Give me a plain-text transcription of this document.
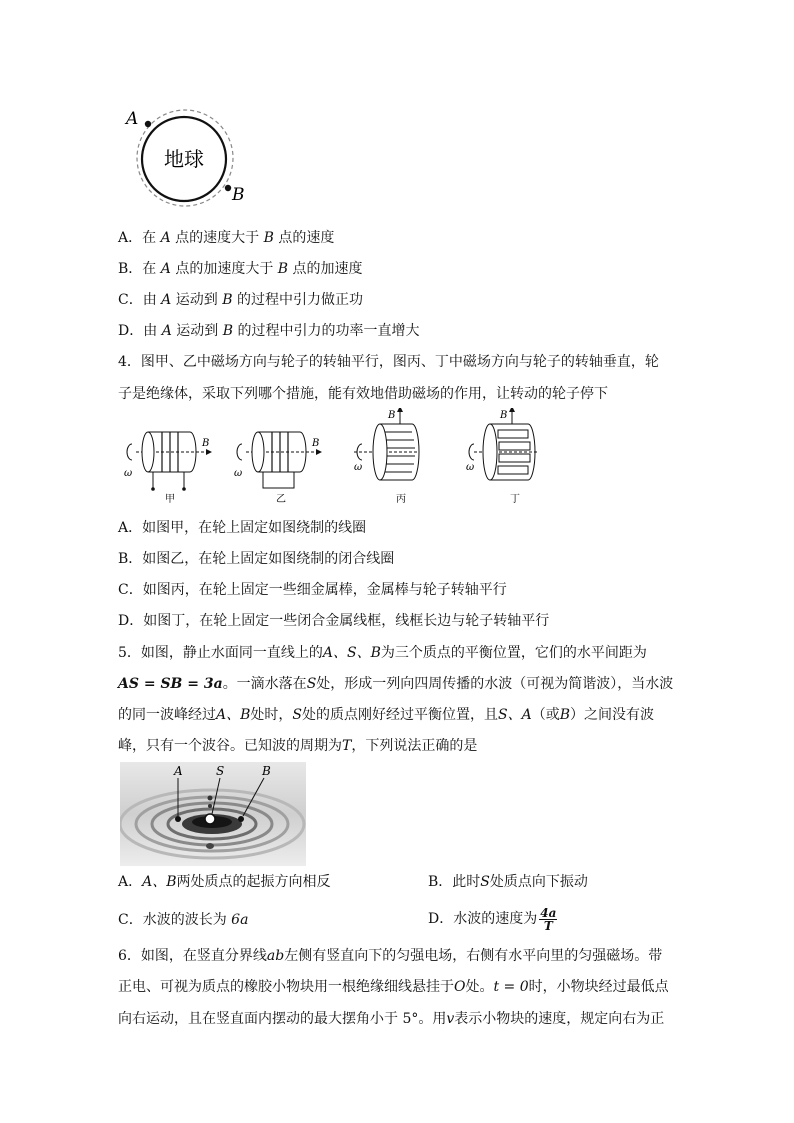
A
B
地球
A．在 A 点的速度大于 B 点的速度
B．在 A 点的加速度大于 B 点的加速度
C．由 A 运动到 B 的过程中引力做正功
D．由 A 运动到 B 的过程中引力的功率一直增大
4．图甲、乙中磁场方向与轮子的转轴平行，图丙、丁中磁场方向与轮子的转轴垂直，轮
子是绝缘体，采取下列哪个措施，能有效地借助磁场的作用，让转动的轮子停下
ω
B
甲
ω
B
乙
ω
B
丙
ω
B
丁
A．如图甲，在轮上固定如图绕制的线圈
B．如图乙，在轮上固定如图绕制的闭合线圈
C．如图丙，在轮上固定一些细金属棒，金属棒与轮子转轴平行
D．如图丁，在轮上固定一些闭合金属线框，线框长边与轮子转轴平行
5．如图，静止水面同一直线上的A、S、B为三个质点的平衡位置，它们的水平间距为
AS = SB = 3a。一滴水落在S处，形成一列向四周传播的水波（可视为简谐波），当水波
的同一波峰经过A、B处时，S处的质点刚好经过平衡位置，且S、A（或B）之间没有波
峰，只有一个波谷。已知波的周期为T，下列说法正确的是
A	S	B
A．A、B两处质点的起振方向相反	B．此时S处质点向下振动
C．水波的波长为 6a	D．水波的速度为 $\frac{4a}{T}$
6．如图，在竖直分界线ab左侧有竖直向下的匀强电场，右侧有水平向里的匀强磁场。带
正电、可视为质点的橡胶小物块用一根绝缘细线悬挂于O处。t = 0时，小物块经过最低点
向右运动，且在竖直面内摆动的最大摆角小于 5°。用v表示小物块的速度，规定向右为正
